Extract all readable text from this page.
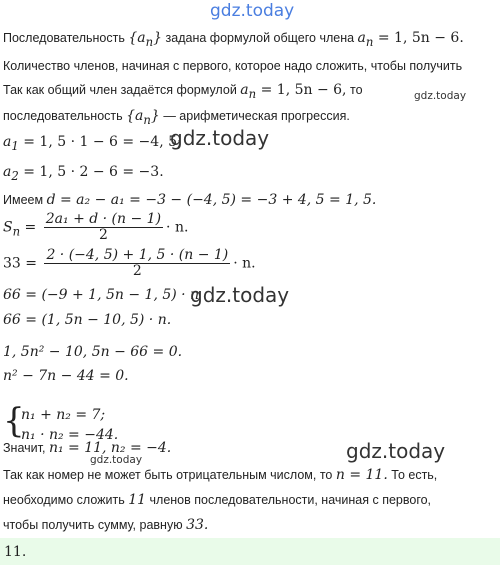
gdz.today
Последовательность $\{a_n\}$ задана формулой общего члена $a_n = 1$, 5n − 6.
Количество членов, начиная с первого, которое надо сложить, чтобы получить
Так как общий член задаётся формулой $a_n = 1$, 5n − 6, то	gdz.today
последовательность $\{a_n\}$ — арифметическая прогрессия.
$a_1 = 1$, 5 · 1 − 6 = −4, 5;
gdz.today
$a_2 = 1$, 5 · 2 − 6 = −3.
Имеем d = a₂ − a₁ = −3 − (−4, 5) = −3 + 4, 5 = 1, 5.
$S_n = \frac{\text{2a₁ + d · (n − 1)}}{2} \cdot n$.
$33 = \frac{2 \cdot (-4, 5) + 1, 5 \cdot (n - 1)}{2} \cdot n$.
66 = (−9 + 1, 5n − 1, 5) · n
gdz.today
66 = (1, 5n − 10, 5) · n.
1, 5n² − 10, 5n − 66 = 0.
n² − 7n − 44 = 0.
{
n₁ + n₂ = 7;
n₁ · n₂ = −44.
Значит, n₁ = 11, n₂ = −4.	gdz.today
gdz.today
Так как номер не может быть отрицательным числом, то n = 11. То есть,
необходимо сложить 11 членов последовательности, начиная с первого,
чтобы получить сумму, равную 33.
11.
